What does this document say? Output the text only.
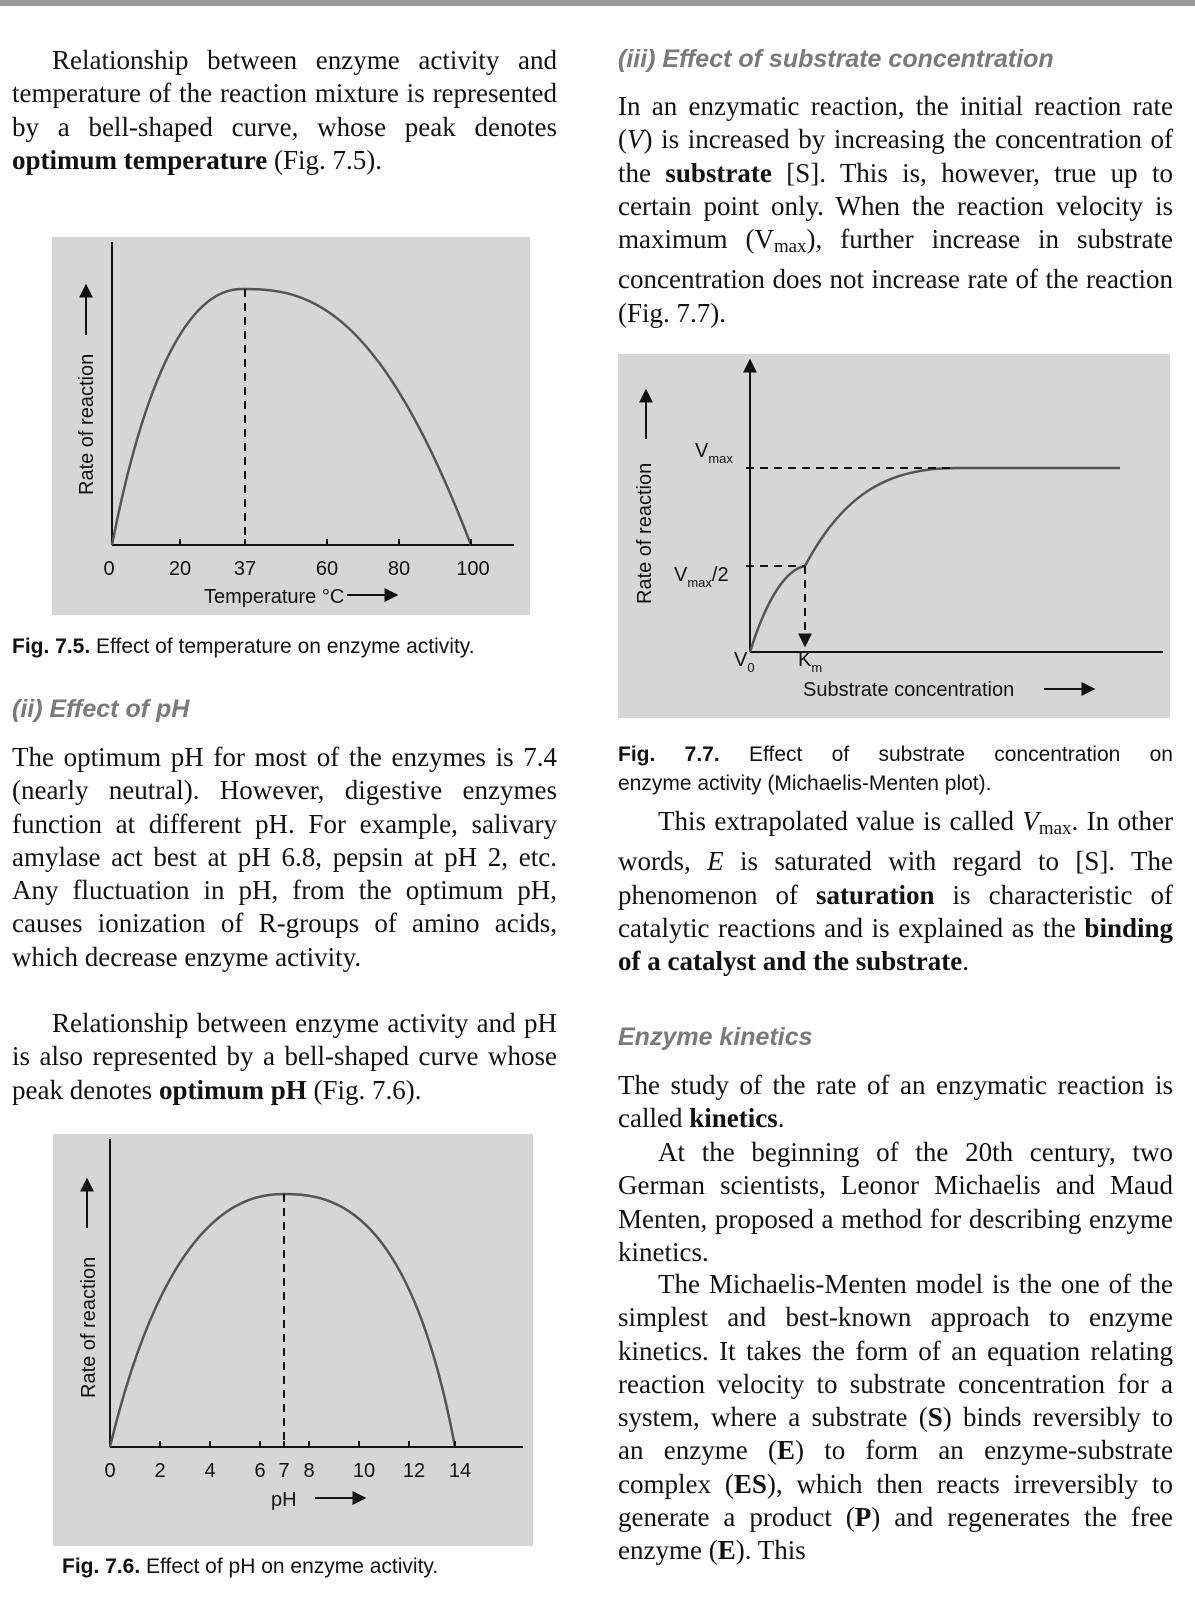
Relationship between enzyme activity and temperature of the reaction mixture is represented by a bell-shaped curve, whose peak denotes optimum temperature (Fig. 7.5).

0	20 37	60 80 100
Temperature °C
Rate of reaction

Fig. 7.5. Effect of temperature on enzyme activity.

(ii) Effect of pH

The optimum pH for most of the enzymes is 7.4 (nearly neutral). However, digestive enzymes function at different pH. For example, salivary amylase act best at pH 6.8, pepsin at pH 2, etc. Any fluctuation in pH, from the optimum pH, causes ionization of R-groups of amino acids, which decrease enzyme activity.

Relationship between enzyme activity and pH is also represented by a bell-shaped curve whose peak denotes optimum pH (Fig. 7.6).

0 2 4 6 7 8 10 12 14
pH
Rate of reaction

Fig. 7.6. Effect of pH on enzyme activity.

(iii) Effect of substrate concentration

In an enzymatic reaction, the initial reaction rate (V) is increased by increasing the concentration of the substrate [S]. This is, however, true up to certain point only. When the reaction velocity is maximum (Vmax), further increase in substrate concentration does not increase rate of the reaction (Fig. 7.7).

$V_{max}$
$V_{max}/2$
$V_0$ $K_m$
Substrate concentration
Rate of reaction

Fig. 7.7. Effect of substrate concentration on
enzyme activity (Michaelis-Menten plot).

This extrapolated value is called Vmax. In other words, E is saturated with regard to [S]. The phenomenon of saturation is characteristic of catalytic reactions and is explained as the binding of a catalyst and the substrate.

Enzyme kinetics

The study of the rate of an enzymatic reaction is called kinetics.

At the beginning of the 20th century, two German scientists, Leonor Michaelis and Maud Menten, proposed a method for describing enzyme kinetics.

The Michaelis-Menten model is the one of the simplest and best-known approach to enzyme kinetics. It takes the form of an equation relating reaction velocity to substrate concentration for a system, where a substrate (S) binds reversibly to an enzyme (E) to form an enzyme-substrate complex (ES), which then reacts irreversibly to generate a product (P) and regenerates the free enzyme (E). This
